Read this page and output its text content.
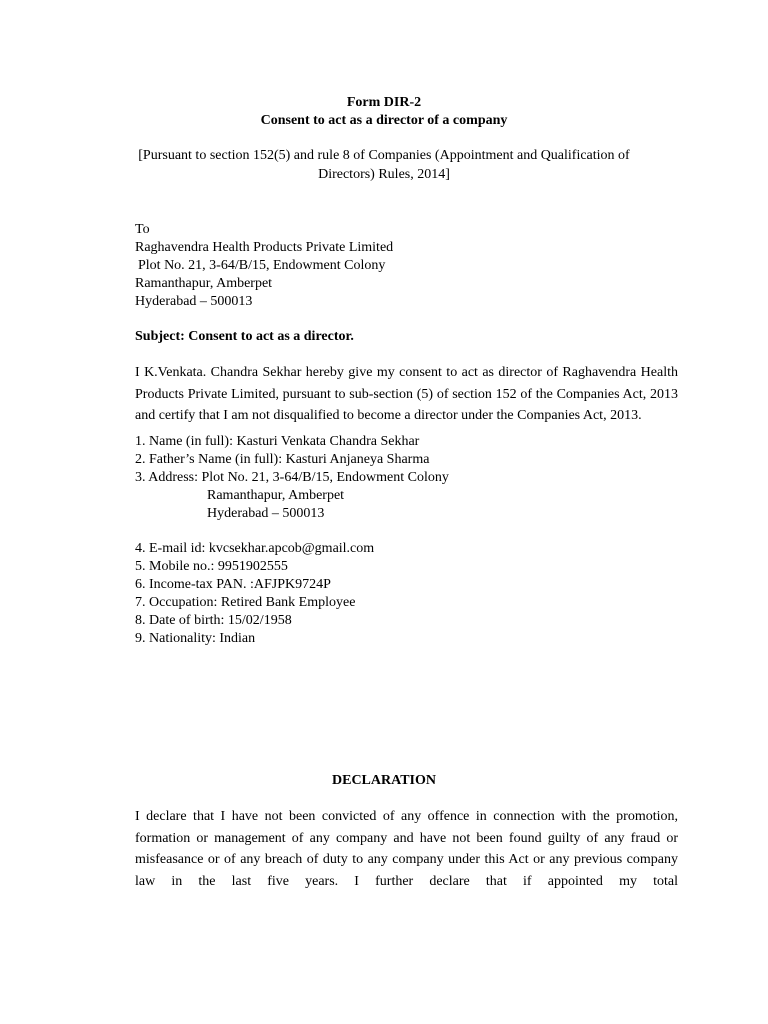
Form DIR-2
Consent to act as a director of a company
[Pursuant to section 152(5) and rule 8 of Companies (Appointment and Qualification of
Directors) Rules, 2014]
To
Raghavendra Health Products Private Limited
Plot No. 21, 3-64/B/15, Endowment Colony
Ramanthapur, Amberpet
Hyderabad – 500013
Subject: Consent to act as a director.
I K.Venkata. Chandra Sekhar hereby give my consent to act as director of Raghavendra Health Products Private Limited, pursuant to sub-section (5) of section 152 of the Companies Act, 2013 and certify that I am not disqualified to become a director under the Companies Act, 2013.
1. Name (in full): Kasturi Venkata Chandra Sekhar
2. Father’s Name (in full): Kasturi Anjaneya Sharma
3. Address: Plot No. 21, 3-64/B/15, Endowment Colony
Ramanthapur, Amberpet
Hyderabad – 500013
4. E-mail id: kvcsekhar.apcob@gmail.com
5. Mobile no.: 9951902555
6. Income-tax PAN. :AFJPK9724P
7. Occupation: Retired Bank Employee
8. Date of birth: 15/02/1958
9. Nationality: Indian
DECLARATION
I declare that I have not been convicted of any offence in connection with the promotion, formation or management of any company and have not been found guilty of any fraud or misfeasance or of any breach of duty to any company under this Act or any previous company law in the last five years. I further declare that if appointed my total
